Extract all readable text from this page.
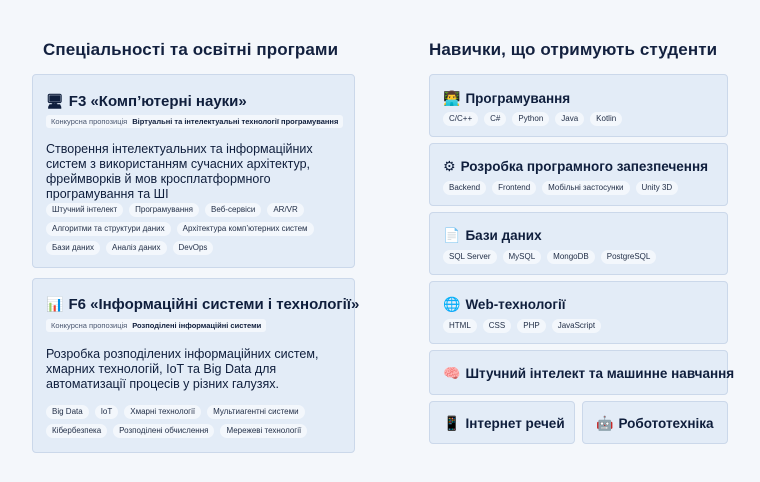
Спеціальності та освітні програми	Навички, що отримують студенти
🖥 F3 «Комп’ютерні науки»
Конкурсна пропозиція Віртуальні та інтелектуальні технології програмування
Створення інтелектуальних та інформаційних систем з використанням сучасних архітектур, фреймворків й мов кросплатформного програмування та ШІ
Штучний інтелект	Програмування	Веб-сервіси	AR/VR
Алгоритми та структури даних	Архітектура комп’ютерних систем
Бази даних	Аналіз даних	DevOps
📊 F6 «Інформаційні системи і технології»
Конкурсна пропозиція Розподілені інформаційні системи
Розробка розподілених інформаційних систем, хмарних технологій, IoT та Big Data для автоматизації процесів у різних галузях.
Big Data	IoT	Хмарні технології	Мультиагентні системи
Кібербезпека	Розподілені обчислення	Мережеві технології
👨‍💻 Програмування
C/C++	C#	Python	Java	Kotlin
⚙ Розробка програмного запезпечення
Backend	Frontend	Мобільні застосунки	Unity 3D
📄 Бази даних
SQL Server	MySQL	MongoDB	PostgreSQL
🌐 Web-технології
HTML	CSS	PHP	JavaScript
🧠 Штучний інтелект та машинне навчання
📱 Інтернет речей 🤖 Робототехніка
